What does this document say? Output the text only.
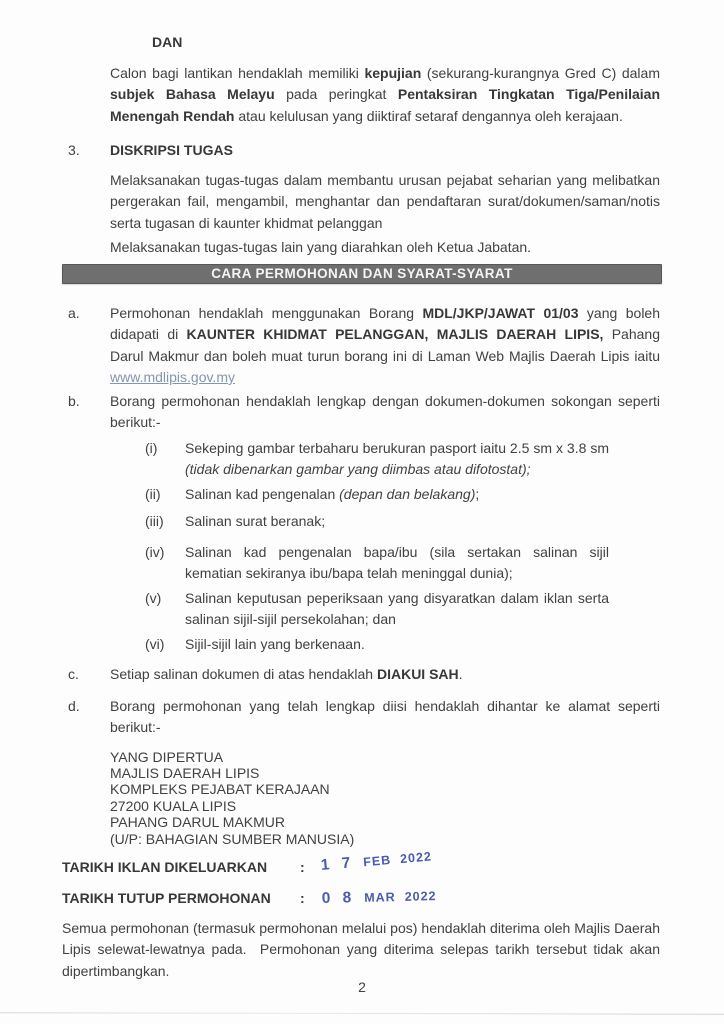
DAN
Calon bagi lantikan hendaklah memiliki kepujian (sekurang-kurangnya Gred C) dalam subjek Bahasa Melayu pada peringkat Pentaksiran Tingkatan Tiga/Penilaian Menengah Rendah atau kelulusan yang diiktiraf setaraf dengannya oleh kerajaan.
3.	DISKRIPSI TUGAS
Melaksanakan tugas-tugas dalam membantu urusan pejabat seharian yang melibatkan pergerakan fail, mengambil, menghantar dan pendaftaran surat/dokumen/saman/notis serta tugasan di kaunter khidmat pelanggan
Melaksanakan tugas-tugas lain yang diarahkan oleh Ketua Jabatan.
CARA PERMOHONAN DAN SYARAT-SYARAT
a.	Permohonan hendaklah menggunakan Borang MDL/JKP/JAWAT 01/03 yang boleh didapati di KAUNTER KHIDMAT PELANGGAN, MAJLIS DAERAH LIPIS, Pahang Darul Makmur dan boleh muat turun borang ini di Laman Web Majlis Daerah Lipis iaitu www.mdlipis.gov.my
b.	Borang permohonan hendaklah lengkap dengan dokumen-dokumen sokongan seperti berikut:-
(i)	Sekeping gambar terbaharu berukuran pasport iaitu 2.5 sm x 3.8 sm (tidak dibenarkan gambar yang diimbas atau difotostat);
(ii)	Salinan kad pengenalan (depan dan belakang);
(iii)	Salinan surat beranak;
(iv)	Salinan kad pengenalan bapa/ibu (sila sertakan salinan sijil kematian sekiranya ibu/bapa telah meninggal dunia);
(v)	Salinan keputusan peperiksaan yang disyaratkan dalam iklan serta salinan sijil-sijil persekolahan; dan
(vi)	Sijil-sijil lain yang berkenaan.
c.	Setiap salinan dokumen di atas hendaklah DIAKUI SAH.
d.	Borang permohonan yang telah lengkap diisi hendaklah dihantar ke alamat seperti berikut:-
YANG DIPERTUA
MAJLIS DAERAH LIPIS
KOMPLEKS PEJABAT KERAJAAN
27200 KUALA LIPIS
PAHANG DARUL MAKMUR
(U/P: BAHAGIAN SUMBER MANUSIA)
TARIKH IKLAN DIKELUARKAN	: 1 7 FEB 2022
TARIKH TUTUP PERMOHONAN	:	0 8 MAR 2022
Semua permohonan (termasuk permohonan melalui pos) hendaklah diterima oleh Majlis Daerah Lipis selewat-lewatnya pada.  Permohonan yang diterima selepas tarikh tersebut tidak akan dipertimbangkan.
2
